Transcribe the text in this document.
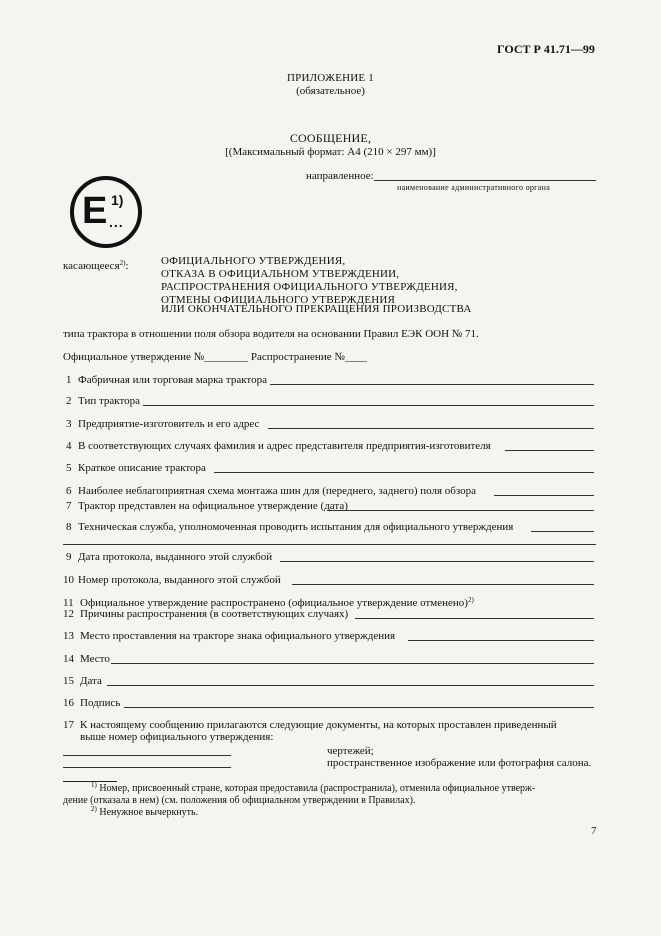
ГОСТ Р 41.71—99
ПРИЛОЖЕНИЕ 1
(обязательное)
СООБЩЕНИЕ,
[(Максимальный формат: A4 (210 × 297 мм)]
направленное:
наименование административного органа
E 1)
...
касающееся$^{2)}$:	ОФИЦИАЛЬНОГО УТВЕРЖДЕНИЯ,
ОТКАЗА В ОФИЦИАЛЬНОМ УТВЕРЖДЕНИИ,
РАСПРОСТРАНЕНИЯ ОФИЦИАЛЬНОГО УТВЕРЖДЕНИЯ,
ОТМЕНЫ ОФИЦИАЛЬНОГО УТВЕРЖДЕНИЯ
ИЛИ ОКОНЧАТЕЛЬНОГО ПРЕКРАЩЕНИЯ ПРОИЗВОДСТВА
типа трактора в отношении поля обзора водителя на основании Правил ЕЭК ООН № 71.
Официальное утверждение №________ Распространение №____
1 Фабричная или торговая марка трактора
2 Тип трактора
3 Предприятие-изготовитель и его адрес
4 В соответствующих случаях фамилия и адрес представителя предприятия-изготовителя
5 Краткое описание трактора
6 Наиболее неблагоприятная схема монтажа шин для (переднего, заднего) поля обзора
7 Трактор представлен на официальное утверждение (дата)
8 Техническая служба, уполномоченная проводить испытания для официального утверждения
9 Дата протокола, выданного этой службой
10 Номер протокола, выданного этой службой
11 Официальное утверждение распространено (официальное утверждение отменено)$^{2)}$
12 Причины распространения (в соответствующих случаях)
13 Место проставления на тракторе знака официального утверждения
14 Место
15 Дата
16 Подпись
17 К настоящему сообщению прилагаются следующие документы, на которых проставлен приведенный
выше номер официального утверждения:
чертежей;
пространственное изображение или фотография салона.
$^{1)}$ Номер, присвоенный стране, которая предоставила (распространила), отменила официальное утверж-
дение (отказала в нем) (см. положения об официальном утверждении в Правилах).
$^{2)}$ Ненужное вычеркнуть.
7
